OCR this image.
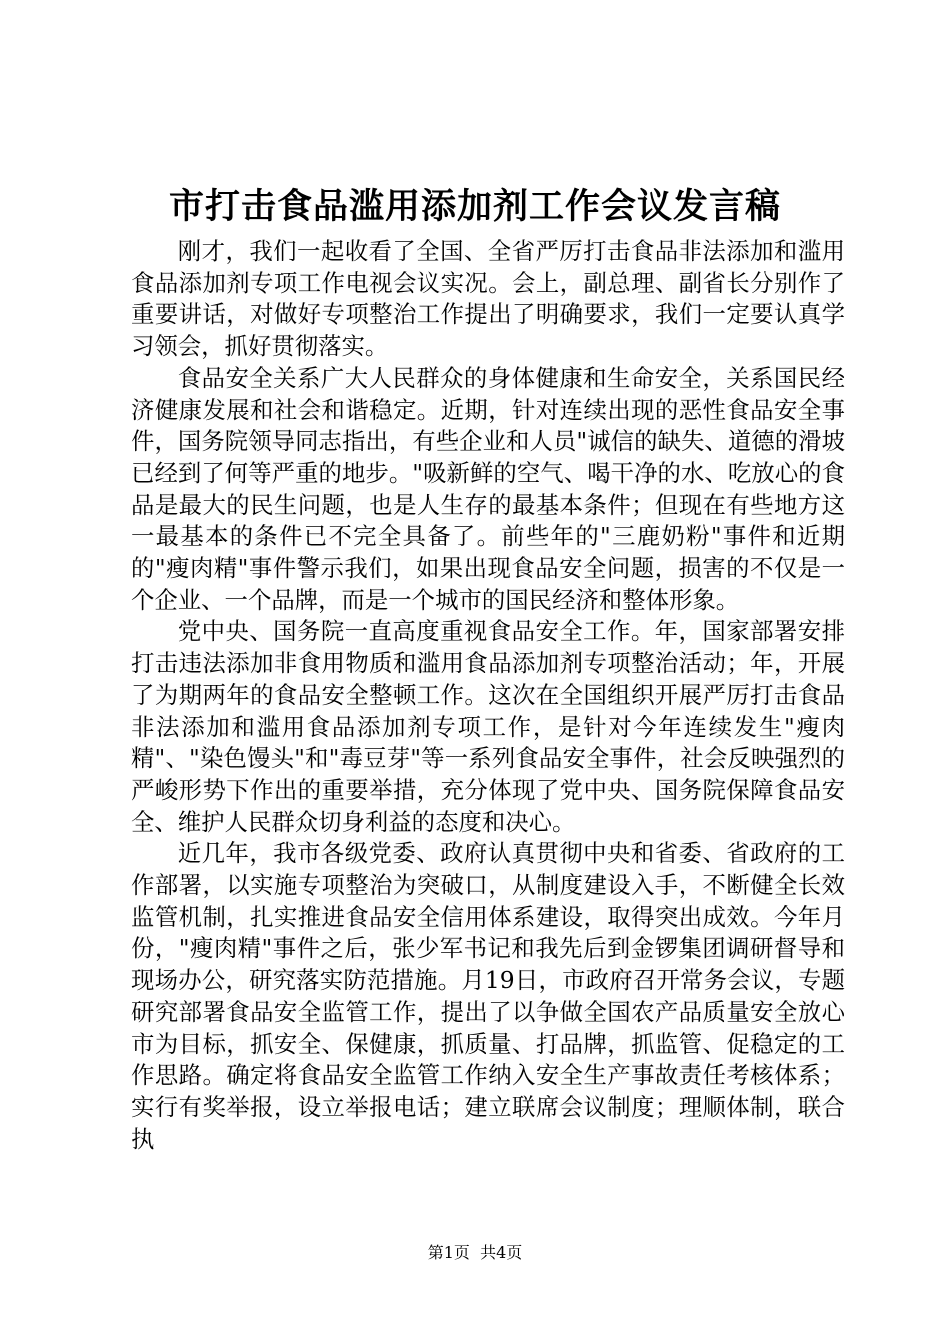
市打击食品滥用添加剂工作会议发言稿

刚才，我们一起收看了全国、全省严厉打击食品非法添加和滥用食品添加剂专项工作电视会议实况。会上，副总理、副省长分别作了重要讲话，对做好专项整治工作提出了明确要求，我们一定要认真学习领会，抓好贯彻落实。

食品安全关系广大人民群众的身体健康和生命安全，关系国民经济健康发展和社会和谐稳定。近期，针对连续出现的恶性食品安全事件，国务院领导同志指出，有些企业和人员"诚信的缺失、道德的滑坡已经到了何等严重的地步。"吸新鲜的空气、喝干净的水、吃放心的食品是最大的民生问题，也是人生存的最基本条件；但现在有些地方这一最基本的条件已不完全具备了。前些年的"三鹿奶粉"事件和近期的"瘦肉精"事件警示我们，如果出现食品安全问题，损害的不仅是一个企业、一个品牌，而是一个城市的国民经济和整体形象。

党中央、国务院一直高度重视食品安全工作。年，国家部署安排打击违法添加非食用物质和滥用食品添加剂专项整治活动；年，开展了为期两年的食品安全整顿工作。这次在全国组织开展严厉打击食品非法添加和滥用食品添加剂专项工作，是针对今年连续发生"瘦肉精"、"染色馒头"和"毒豆芽"等一系列食品安全事件，社会反映强烈的严峻形势下作出的重要举措，充分体现了党中央、国务院保障食品安全、维护人民群众切身利益的态度和决心。

近几年，我市各级党委、政府认真贯彻中央和省委、省政府的工作部署，以实施专项整治为突破口，从制度建设入手，不断健全长效监管机制，扎实推进食品安全信用体系建设，取得突出成效。今年月份，"瘦肉精"事件之后，张少军书记和我先后到金锣集团调研督导和现场办公，研究落实防范措施。月19日，市政府召开常务会议，专题研究部署食品安全监管工作，提出了以争做全国农产品质量安全放心市为目标，抓安全、保健康，抓质量、打品牌，抓监管、促稳定的工作思路。确定将食品安全监管工作纳入安全生产事故责任考核体系；实行有奖举报，设立举报电话；建立联席会议制度；理顺体制，联合执

第1页  共4页
